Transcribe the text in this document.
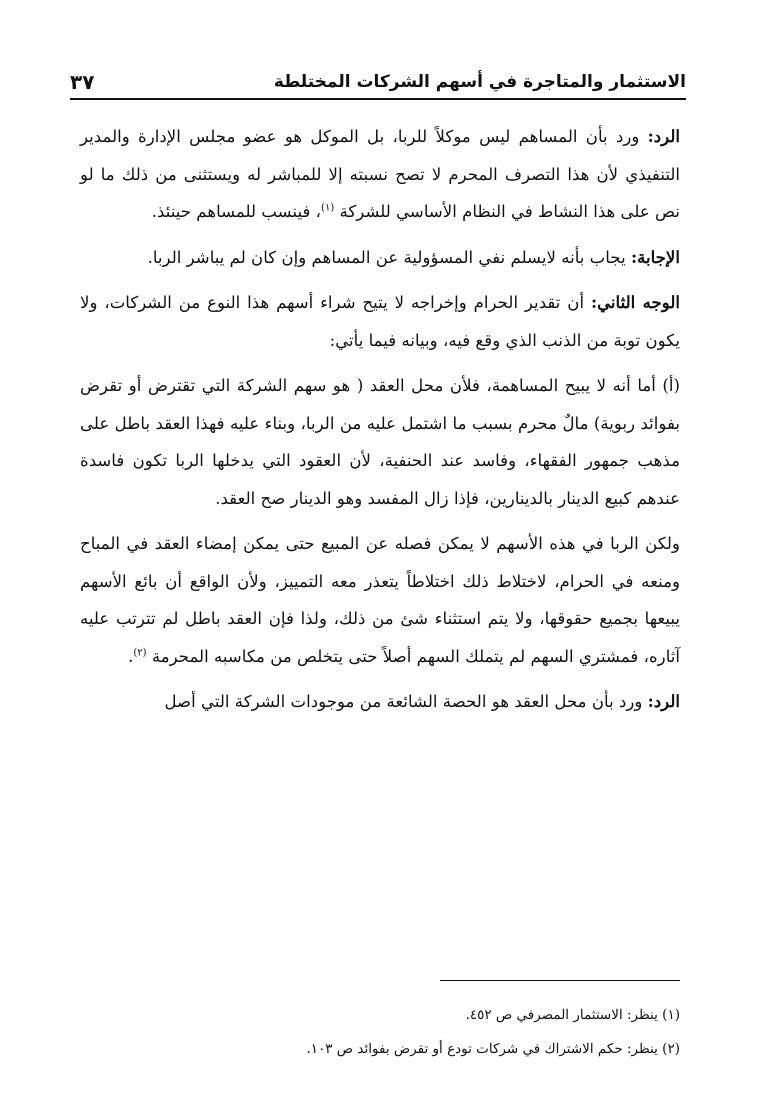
الاستثمار والمتاجرة في أسهم الشركات المختلطة
٣٧

الرد: ورد بأن المساهم ليس موكلاً للربا، بل الموكل هو عضو مجلس الإدارة والمدير التنفيذي لأن هذا التصرف المحرم لا تصح نسبته إلا للمباشر له ويستثنى من ذلك ما لو نص على هذا النشاط في النظام الأساسي للشركة $^{(١)}$، فينسب للمساهم حينئذ.

الإجابة: يجاب بأنه لايسلم نفي المسؤولية عن المساهم وإن كان لم يباشر الربا.

الوجه الثاني: أن تقدير الحرام وإخراجه لا يتيح شراء أسهم هذا النوع من الشركات، ولا يكون توبة من الذنب الذي وقع فيه، وبيانه فيما يأتي:

(أ) أما أنه لا يبيح المساهمة، فلأن محل العقد ( هو سهم الشركة التي تقترض أو تقرض بفوائد ربوية) مالٌ محرم بسبب ما اشتمل عليه من الربا، وبناء عليه فهذا العقد باطل على مذهب جمهور الفقهاء، وفاسد عند الحنفية، لأن العقود التي يدخلها الربا تكون فاسدة عندهم كبيع الدينار بالدينارين، فإذا زال المفسد وهو الدينار صح العقد.

ولكن الربا في هذه الأسهم لا يمكن فصله عن المبيع حتى يمكن إمضاء العقد في المباح ومنعه في الحرام، لاختلاط ذلك اختلاطاً يتعذر معه التمييز، ولأن الواقع أن بائع الأسهم يبيعها بجميع حقوقها، ولا يتم استثناء شئ من ذلك، ولذا فإن العقد باطل لم تترتب عليه آثاره، فمشتري السهم لم يتملك السهم أصلاً حتى يتخلص من مكاسبه المحرمة $^{(٢)}$.

الرد: ورد بأن محل العقد هو الحصة الشائعة من موجودات الشركة التي أصل

(١) ينظر: الاستثمار المصرفي ص ٤٥٢.

(٢) ينظر: حكم الاشتراك في شركات تودع أو تقرض بفوائد ص ١٠٣.
